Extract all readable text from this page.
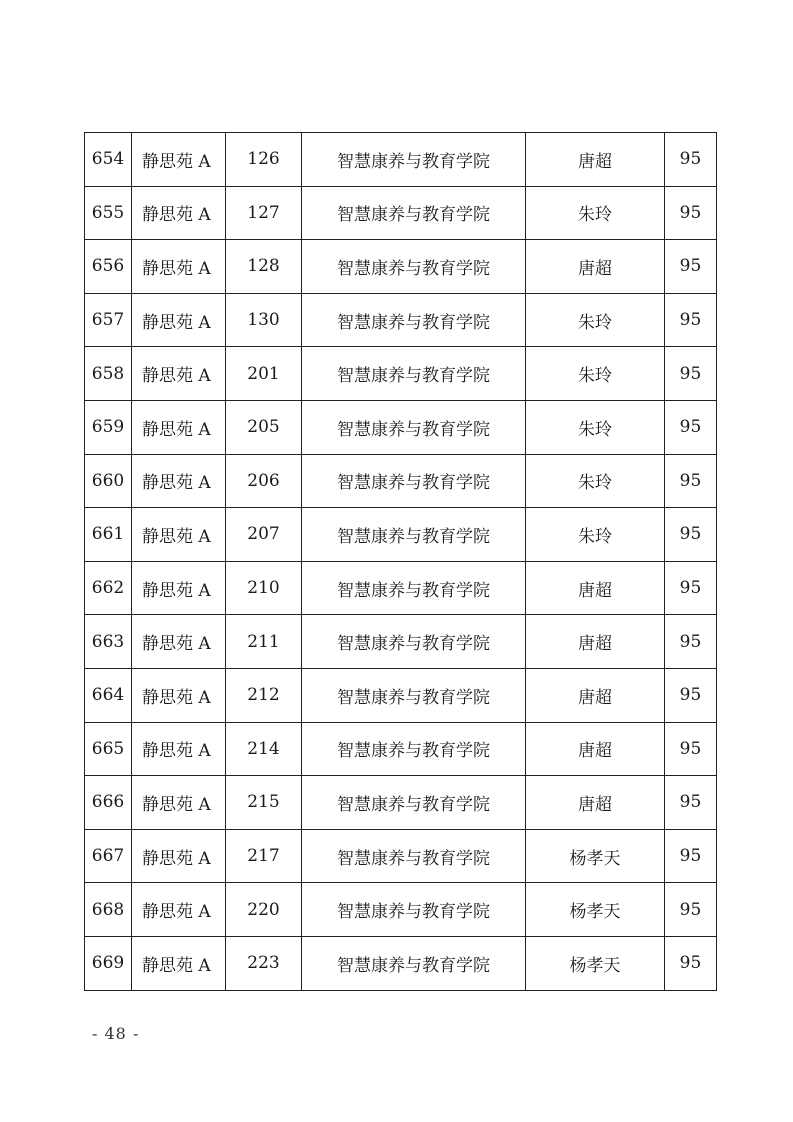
654	静思苑 A	126	智慧康养与教育学院	唐超	95
655	静思苑 A	127	智慧康养与教育学院	朱玲	95
656	静思苑 A	128	智慧康养与教育学院	唐超	95
657	静思苑 A	130	智慧康养与教育学院	朱玲	95
658	静思苑 A	201	智慧康养与教育学院	朱玲	95
659	静思苑 A	205	智慧康养与教育学院	朱玲	95
660	静思苑 A	206	智慧康养与教育学院	朱玲	95
661	静思苑 A	207	智慧康养与教育学院	朱玲	95
662	静思苑 A	210	智慧康养与教育学院	唐超	95
663	静思苑 A	211	智慧康养与教育学院	唐超	95
664	静思苑 A	212	智慧康养与教育学院	唐超	95
665	静思苑 A	214	智慧康养与教育学院	唐超	95
666	静思苑 A	215	智慧康养与教育学院	唐超	95
667	静思苑 A	217	智慧康养与教育学院	杨孝天	95
668	静思苑 A	220	智慧康养与教育学院	杨孝天	95
669	静思苑 A	223	智慧康养与教育学院	杨孝天	95
- 48 -
